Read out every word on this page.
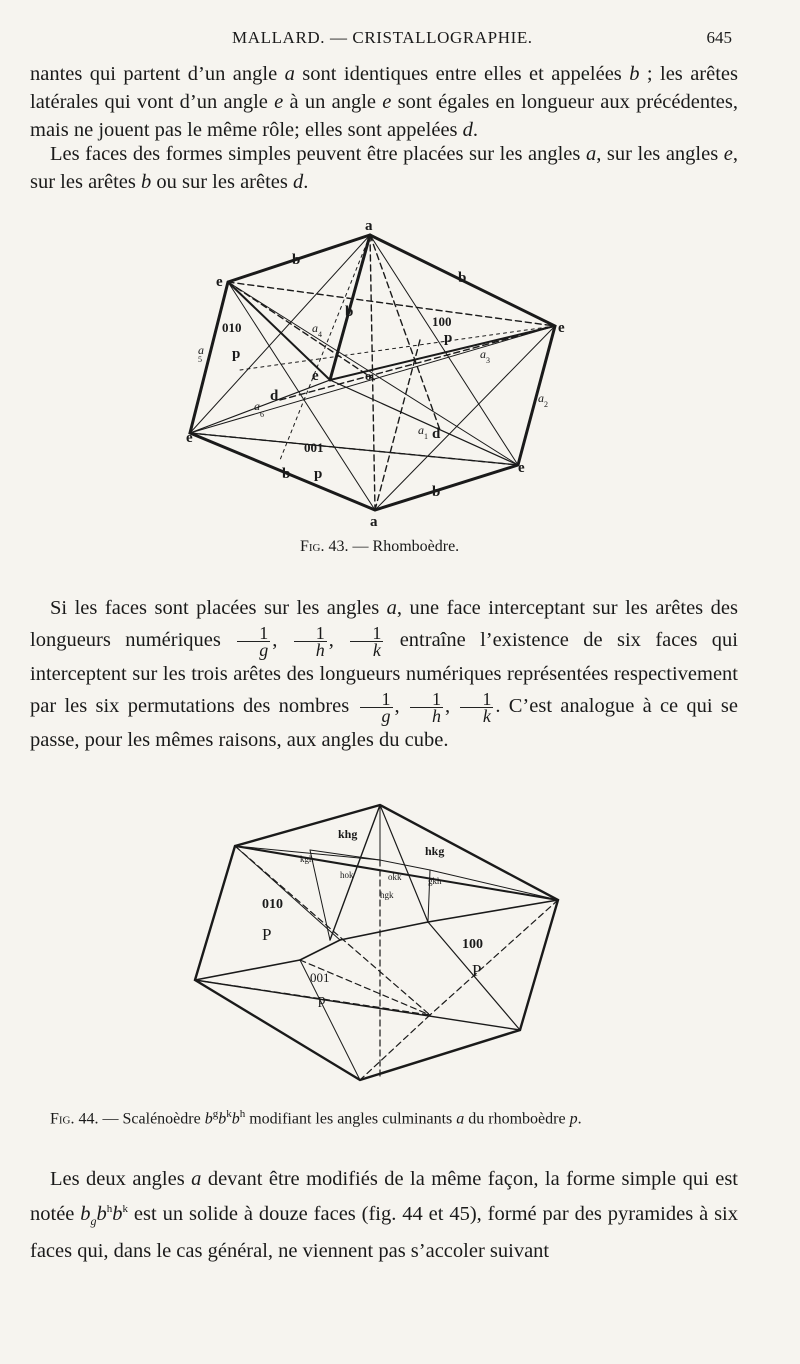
MALLARD. — CRISTALLOGRAPHIE.	645
nantes qui partent d’un angle a sont identiques entre elles et appelées b ; les arêtes latérales qui vont d’un angle e à un angle e sont égales en longueur aux précédentes, mais ne jouent pas le même rôle; elles sont appelées d.
Les faces des formes simples peuvent être placées sur les angles a, sur les angles e, sur les arêtes b ou sur les arêtes d.
a
a
e
e
e
e
e
b
b
b
b
b
d
d
010	100
001
p
p
p
o
a 4
a 3
a 2
a 1
a
5
a
6
Fig. 43. — Rhomboèdre.
Si les faces sont placées sur les angles a, une face interceptant sur les arêtes des longueurs numériques $\frac{1}{g}$ , $\frac{1}{h}$ , $\frac{1}{k}$ entraîne l’existence de six faces qui interceptent sur les trois arêtes des longueurs numériques représentées respectivement par les six permutations des nombres $\frac{1}{g}$ , $\frac{1}{h}$ , $\frac{1}{k}$ . C’est analogue à ce qui se passe, pour les mêmes raisons, aux angles du cube.
010
P
100
P
001
p
khg
hkg
kgh
hok	okk	gkh
hgk
Fig. 44. — Scalénoèdre $b^gb^kb^h$ modifiant les angles culminants a du rhomboèdre p.
Les deux angles a devant être modifiés de la même façon, la forme simple qui est notée $b_gb^hb^k$ est un solide à douze faces (fig. 44 et 45), formé par des pyramides à six faces qui, dans le cas général, ne viennent pas s’accoler suivant
